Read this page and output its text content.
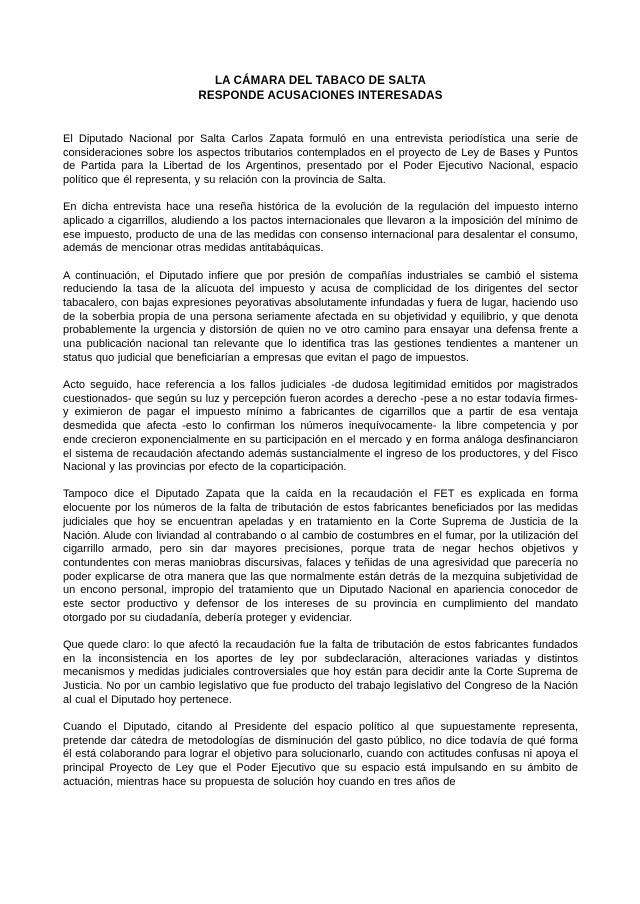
LA CÁMARA DEL TABACO DE SALTA
RESPONDE ACUSACIONES INTERESADAS

El Diputado Nacional por Salta Carlos Zapata formuló en una entrevista periodística una serie de consideraciones sobre los aspectos tributarios contemplados en el proyecto de Ley de Bases y Puntos de Partida para la Libertad de los Argentinos, presentado por el Poder Ejecutivo Nacional, espacio político que él representa, y su relación con la provincia de Salta.

En dicha entrevista hace una reseña histórica de la evolución de la regulación del impuesto interno aplicado a cigarrillos, aludiendo a los pactos internacionales que llevaron a la imposición del mínimo de ese impuesto, producto de una de las medidas con consenso internacional para desalentar el consumo, además de mencionar otras medidas antitabáquicas.

A continuación, el Diputado infiere que por presión de compañías industriales se cambió el sistema reduciendo la tasa de la alícuota del impuesto y acusa de complicidad de los dirigentes del sector tabacalero, con bajas expresiones peyorativas absolutamente infundadas y fuera de lugar, haciendo uso de la soberbia propia de una persona seriamente afectada en su objetividad y equilibrio, y que denota probablemente la urgencia y distorsión de quien no ve otro camino para ensayar una defensa frente a una publicación nacional tan relevante que lo identifica tras las gestiones tendientes a mantener un status quo judicial que beneficiarían a empresas que evitan el pago de impuestos.

Acto seguido, hace referencia a los fallos judiciales -de dudosa legitimidad emitidos por magistrados cuestionados- que según su luz y percepción fueron acordes a derecho -pese a no estar todavía firmes- y eximieron de pagar el impuesto mínimo a fabricantes de cigarrillos que a partir de esa ventaja desmedida que afecta -esto lo confirman los números inequívocamente- la libre competencia y por ende crecieron exponencialmente en su participación en el mercado y en forma análoga desfinanciaron el sistema de recaudación afectando además sustancialmente el ingreso de los productores, y del Fisco Nacional y las provincias por efecto de la coparticipación.

Tampoco dice el Diputado Zapata que la caída en la recaudación el FET es explicada en forma elocuente por los números de la falta de tributación de estos fabricantes beneficiados por las medidas judiciales que hoy se encuentran apeladas y en tratamiento en la Corte Suprema de Justicia de la Nación. Alude con liviandad al contrabando o al cambio de costumbres en el fumar, por la utilización del cigarrillo armado, pero sin dar mayores precisiones, porque trata de negar hechos objetivos y contundentes con meras maniobras discursivas, falaces y teñidas de una agresividad que parecería no poder explicarse de otra manera que las que normalmente están detrás de la mezquina subjetividad de un encono personal, impropio del tratamiento que un Diputado Nacional en apariencia conocedor de este sector productivo y defensor de los intereses de su provincia en cumplimiento del mandato otorgado por su ciudadanía, debería proteger y evidenciar.

Que quede claro: lo que afectó la recaudación fue la falta de tributación de estos fabricantes fundados en la inconsistencia en los aportes de ley por subdeclaración, alteraciones variadas y distintos mecanismos y medidas judiciales controversiales que hoy están para decidir ante la Corte Suprema de Justicia. No por un cambio legislativo que fue producto del trabajo legislativo del Congreso de la Nación al cual el Diputado hoy pertenece.

Cuando el Diputado, citando al Presidente del espacio político al que supuestamente representa, pretende dar cátedra de metodologías de disminución del gasto público, no dice todavía de qué forma él está colaborando para lograr el objetivo para solucionarlo, cuando con actitudes confusas ni apoya el principal Proyecto de Ley que el Poder Ejecutivo que su espacio está impulsando en su ámbito de actuación, mientras hace su propuesta de solución hoy cuando en tres años de
